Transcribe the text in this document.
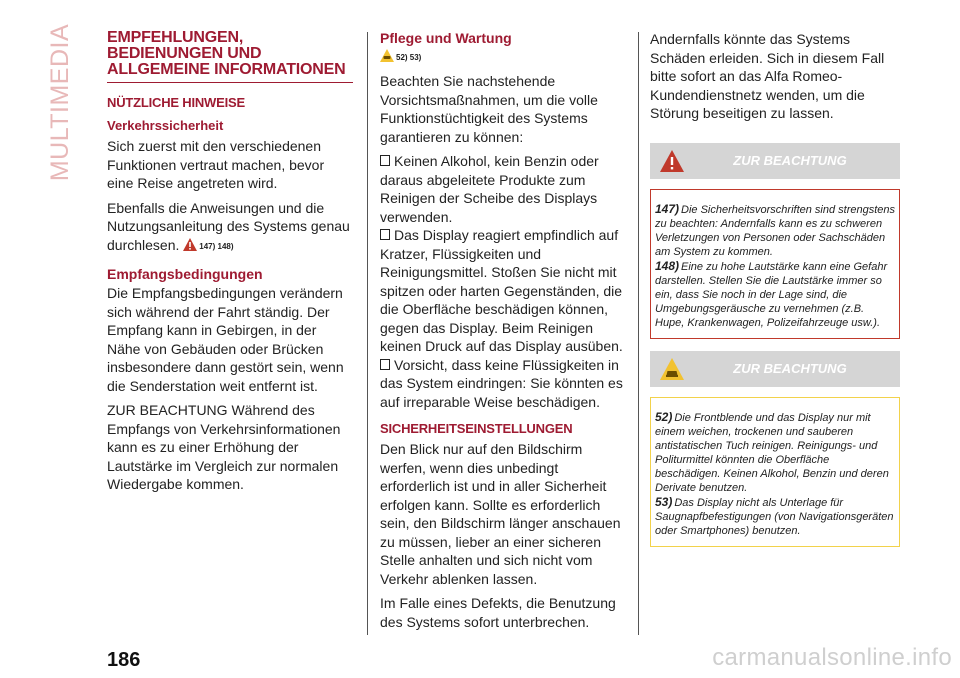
MULTIMEDIA EMPFEHLUNGEN,
BEDIENUNGEN UND
ALLGEMEINE INFORMATIONEN
NÜTZLICHE HINWEISE
Verkehrssicherheit

Sich zuerst mit den verschiedenen Funktionen vertraut machen, bevor eine Reise angetreten wird.

Ebenfalls die Anweisungen und die Nutzungsanleitung des Systems genau durchlesen. 147) 148)

Empfangsbedingungen

Die Empfangsbedingungen verändern sich während der Fahrt ständig. Der Empfang kann in Gebirgen, in der Nähe von Gebäuden oder Brücken insbesondere dann gestört sein, wenn die Senderstation weit entfernt ist.

ZUR BEACHTUNG Während des Empfangs von Verkehrsinformationen kann es zu einer Erhöhung der Lautstärke im Vergleich zur normalen Wiedergabe kommen.

Pflege und Wartung
52) 53)

Beachten Sie nachstehende Vorsichtsmaßnahmen, um die volle Funktionstüchtigkeit des Systems garantieren zu können:

Keinen Alkohol, kein Benzin oder daraus abgeleitete Produkte zum Reinigen der Scheibe des Displays verwenden.

Das Display reagiert empfindlich auf Kratzer, Flüssigkeiten und Reinigungsmittel. Stoßen Sie nicht mit spitzen oder harten Gegenständen, die die Oberfläche beschädigen können, gegen das Display. Beim Reinigen keinen Druck auf das Display ausüben.

Vorsicht, dass keine Flüssigkeiten in das System eindringen: Sie könnten es auf irreparable Weise beschädigen.

SICHERHEITSEINSTELLUNGEN

Den Blick nur auf den Bildschirm werfen, wenn dies unbedingt erforderlich ist und in aller Sicherheit erfolgen kann. Sollte es erforderlich sein, den Bildschirm länger anschauen zu müssen, lieber an einer sicheren Stelle anhalten und sich nicht vom Verkehr ablenken lassen.

Im Falle eines Defekts, die Benutzung des Systems sofort unterbrechen.

Andernfalls könnte das Systems Schäden erleiden. Sich in diesem Fall bitte sofort an das Alfa Romeo-Kundendienstnetz wenden, um die Störung beseitigen zu lassen.

ZUR BEACHTUNG

147) Die Sicherheitsvorschriften sind strengstens zu beachten: Andernfalls kann es zu schweren Verletzungen von Personen oder Sachschäden am System zu kommen.

148) Eine zu hohe Lautstärke kann eine Gefahr darstellen. Stellen Sie die Lautstärke immer so ein, dass Sie noch in der Lage sind, die Umgebungsgeräusche zu vernehmen (z.B. Hupe, Krankenwagen, Polizeifahrzeuge usw.).

ZUR BEACHTUNG

52) Die Frontblende und das Display nur mit einem weichen, trockenen und sauberen antistatischen Tuch reinigen. Reinigungs- und Politurmittel könnten die Oberfläche beschädigen. Keinen Alkohol, Benzin und deren Derivate benutzen.

53) Das Display nicht als Unterlage für Saugnapfbefestigungen (von Navigationsgeräten oder Smartphones) benutzen.

186	carmanualsonline.info
